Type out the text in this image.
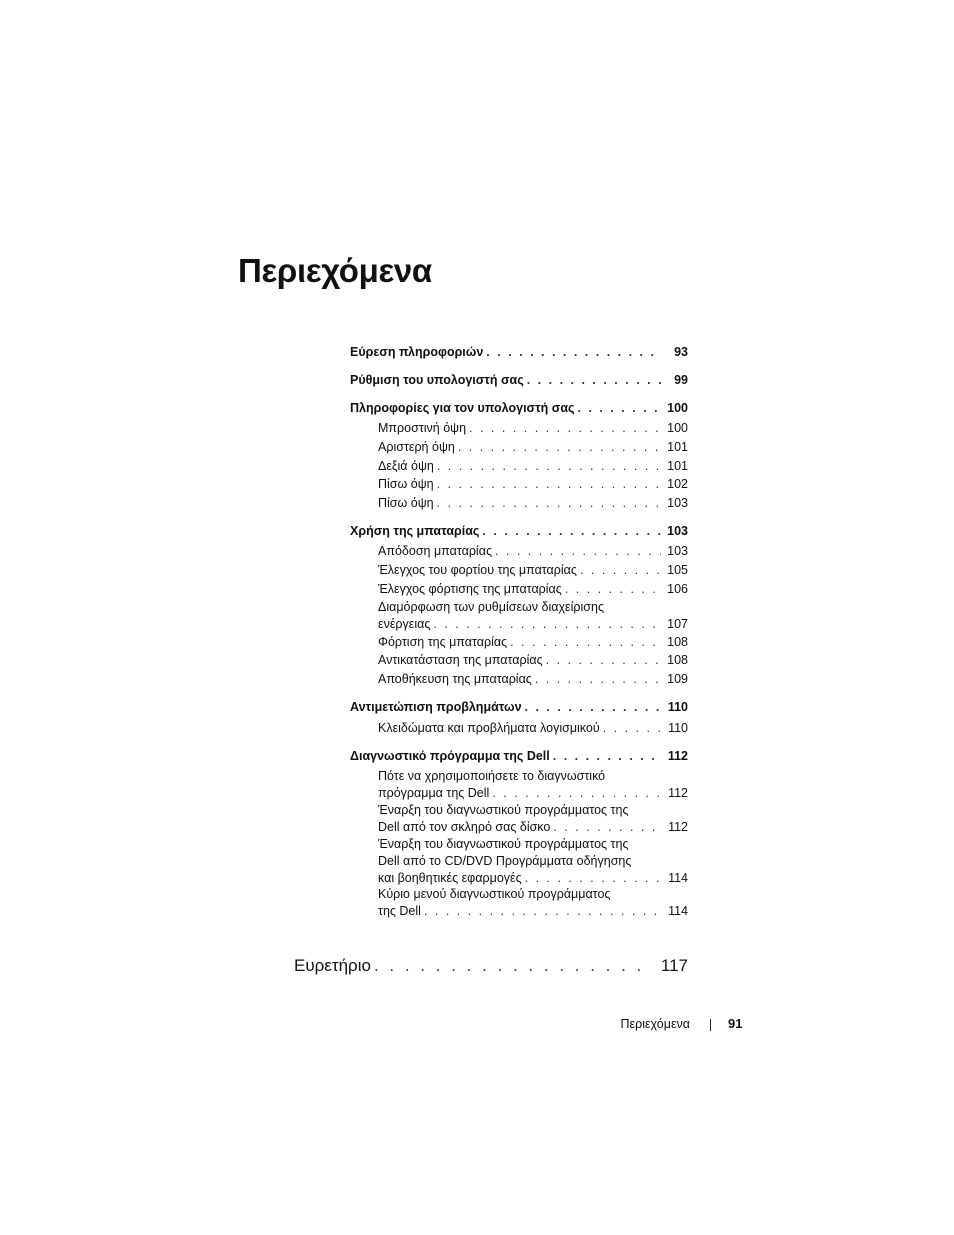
Περιεχόμενα
Εύρεση πληροφοριών . . .	93
Ρύθμιση του υπολογιστή σας . . .	99
Πληροφορίες για τον υπολογιστή σας . . .	100
Μπροστινή όψη . . .	100
Αριστερή όψη . . .	101
Δεξιά όψη . . .	101
Πίσω όψη . . .	102
Πίσω όψη . . .	103
Χρήση της μπαταρίας . . .	103
Απόδοση μπαταρίας . . .	103
Έλεγχος του φορτίου της μπαταρίας . . .	105
Έλεγχος φόρτισης της μπαταρίας . . .	106
Διαμόρφωση των ρυθμίσεων διαχείρισης
ενέργειας . . .	107
Φόρτιση της μπαταρίας . . .	108
Αντικατάσταση της μπαταρίας . . .	108
Αποθήκευση της μπαταρίας . . .	109
Αντιμετώπιση προβλημάτων . . .	110
Κλειδώματα και προβλήματα λογισμικού . . .	110
Διαγνωστικό πρόγραμμα της Dell . . .	112
Πότε να χρησιμοποιήσετε το διαγνωστικό
πρόγραμμα της Dell . . .	112
Έναρξη του διαγνωστικού προγράμματος της
Dell από τον σκληρό σας δίσκο . . .	112
Έναρξη του διαγνωστικού προγράμματος της
Dell από το CD/DVD Προγράμματα οδήγησης
και βοηθητικές εφαρμογές . . .	114
Κύριο μενού διαγνωστικού προγράμματος
της Dell . . .	114
Ευρετήριο . . .	117
Περιεχόμενα	91
